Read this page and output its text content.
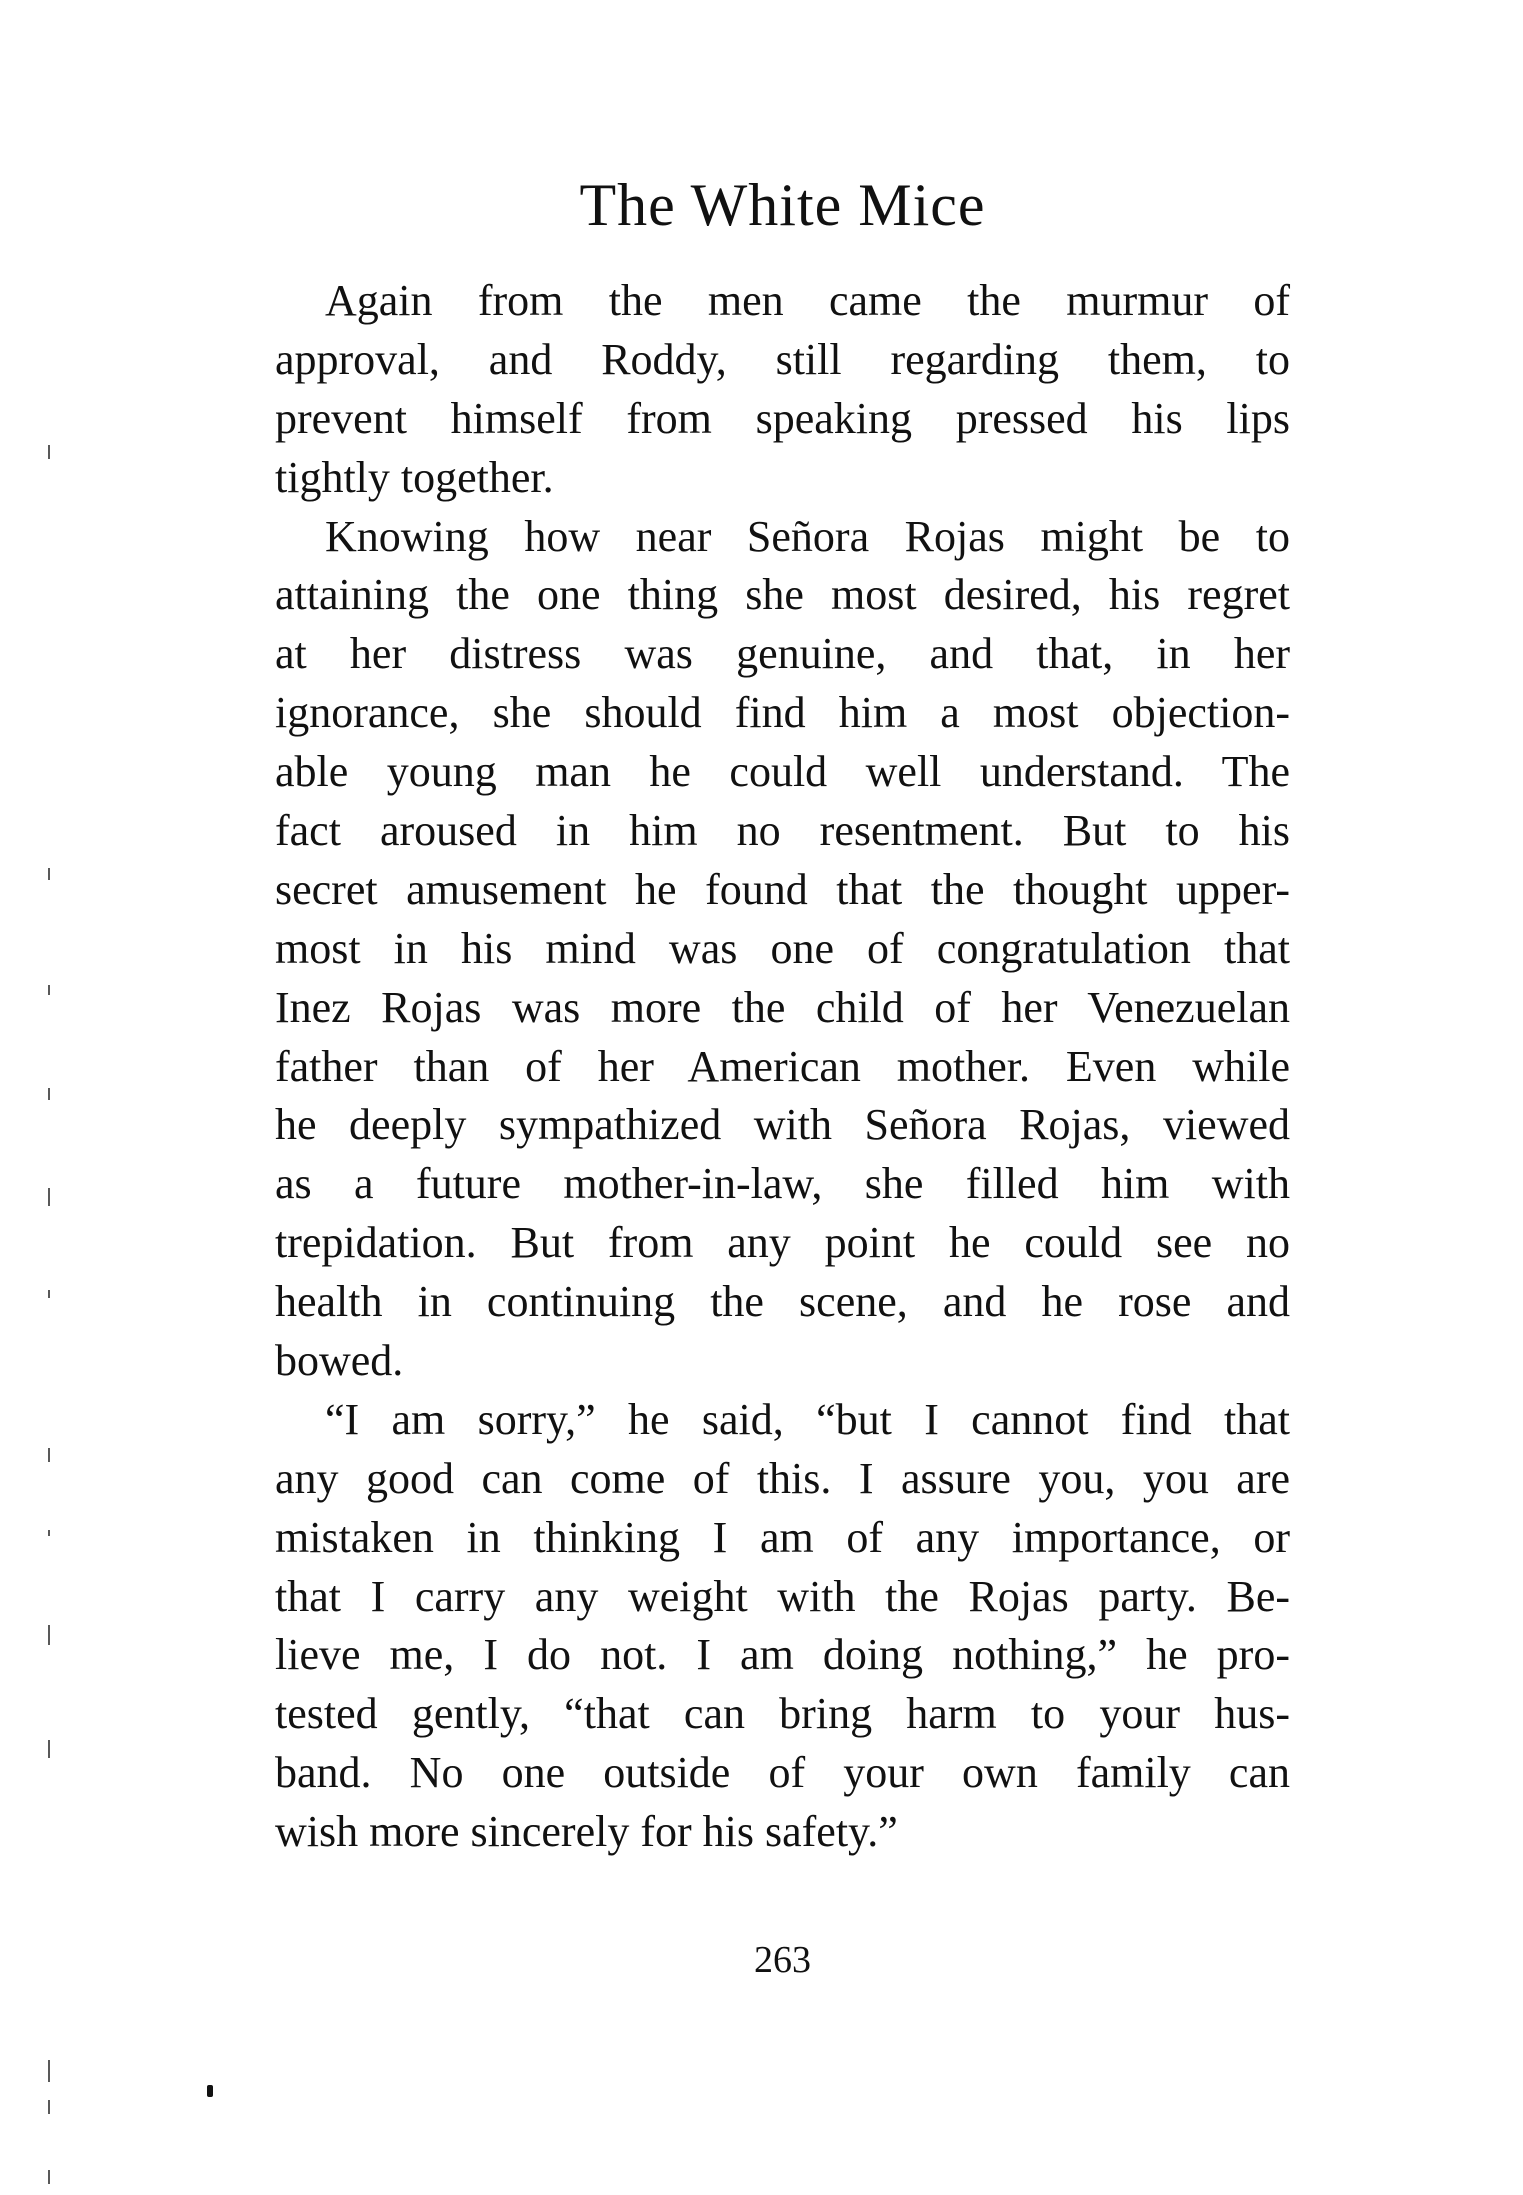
The White Mice

Again from the men came the murmur of
approval, and Roddy, still regarding them, to
prevent himself from speaking pressed his lips
tightly together.

Knowing how near Señora Rojas might be to
attaining the one thing she most desired, his regret
at her distress was genuine, and that, in her
ignorance, she should find him a most objection-
able young man he could well understand. The
fact aroused in him no resentment. But to his
secret amusement he found that the thought upper-
most in his mind was one of congratulation that
Inez Rojas was more the child of her Venezuelan
father than of her American mother. Even while
he deeply sympathized with Señora Rojas, viewed
as a future mother-in-law, she filled him with
trepidation. But from any point he could see no
health in continuing the scene, and he rose and
bowed.

“I am sorry,” he said, “but I cannot find that
any good can come of this. I assure you, you are
mistaken in thinking I am of any importance, or
that I carry any weight with the Rojas party. Be-
lieve me, I do not. I am doing nothing,” he pro-
tested gently, “that can bring harm to your hus-
band. No one outside of your own family can
wish more sincerely for his safety.”

263
